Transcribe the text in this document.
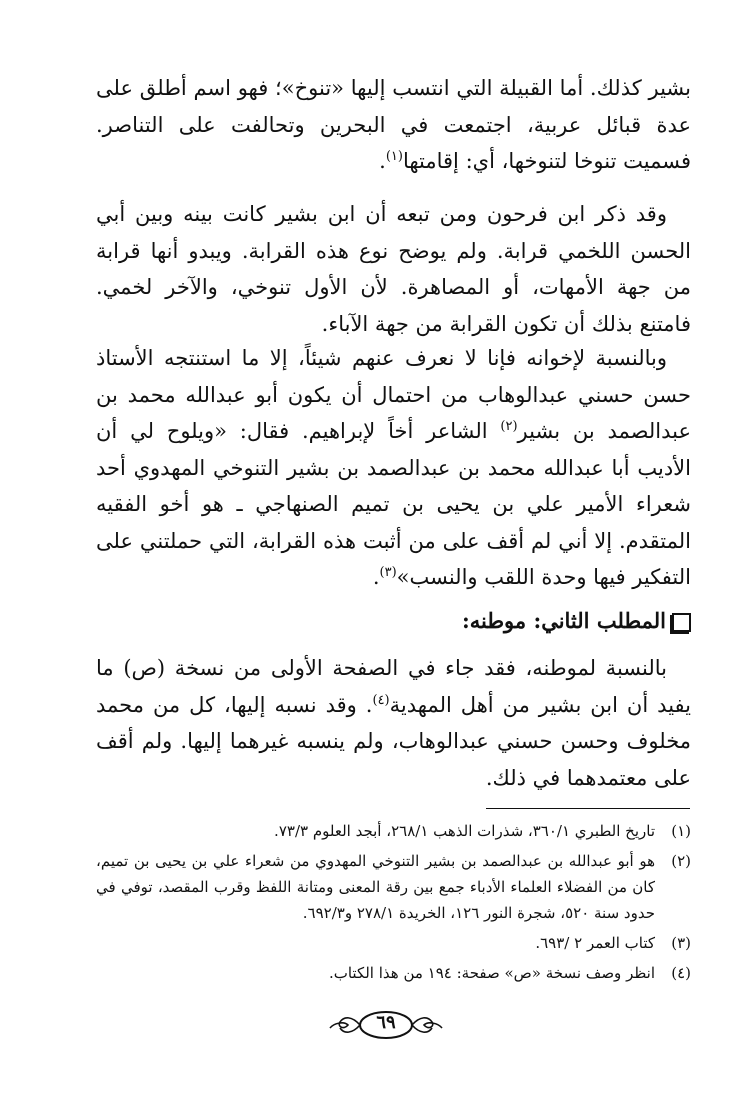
بشير كذلك. أما القبيلة التي انتسب إليها «تنوخ»؛ فهو اسم أطلق على عدة قبائل عربية، اجتمعت في البحرين وتحالفت على التناصر. فسميت تنوخا لتنوخها، أي: إقامتها$^{(١)}$.

وقد ذكر ابن فرحون ومن تبعه أن ابن بشير كانت بينه وبين أبي الحسن اللخمي قرابة. ولم يوضح نوع هذه القرابة. ويبدو أنها قرابة من جهة الأمهات، أو المصاهرة. لأن الأول تنوخي، والآخر لخمي. فامتنع بذلك أن تكون القرابة من جهة الآباء.

وبالنسبة لإخوانه فإنا لا نعرف عنهم شيئاً، إلا ما استنتجه الأستاذ حسن حسني عبدالوهاب من احتمال أن يكون أبو عبدالله محمد بن عبدالصمد بن بشير$^{(٢)}$ الشاعر أخاً لإبراهيم. فقال: «ويلوح لي أن الأديب أبا عبدالله محمد بن عبدالصمد بن بشير التنوخي المهدوي أحد شعراء الأمير علي بن يحيى بن تميم الصنهاجي ـ هو أخو الفقيه المتقدم. إلا أني لم أقف على من أثبت هذه القرابة، التي حملتني على التفكير فيها وحدة اللقب والنسب»$^{(٣)}$.

المطلب الثاني: موطنه:

بالنسبة لموطنه، فقد جاء في الصفحة الأولى من نسخة (ص) ما يفيد أن ابن بشير من أهل المهدية$^{(٤)}$. وقد نسبه إليها، كل من محمد مخلوف وحسن حسني عبدالوهاب، ولم ينسبه غيرهما إليها. ولم أقف على معتمدهما في ذلك.

(١)
تاريخ الطبري ٣٦٠/١، شذرات الذهب ٢٦٨/١، أبجد العلوم ٧٣/٣.
(٢)
هو أبو عبدالله بن عبدالصمد بن بشير التنوخي المهدوي من شعراء علي بن يحيى بن تميم، كان من الفضلاء العلماء الأدباء جمع بين رقة المعنى ومتانة اللفظ وقرب المقصد، توفي في حدود سنة ٥٢٠، شجرة النور ١٢٦، الخريدة ٢٧٨/١ و٦٩٢/٣.
(٣)
كتاب العمر ٢ /٦٩٣.
(٤)
انظر وصف نسخة «ص» صفحة: ١٩٤ من هذا الكتاب.
٦٩
